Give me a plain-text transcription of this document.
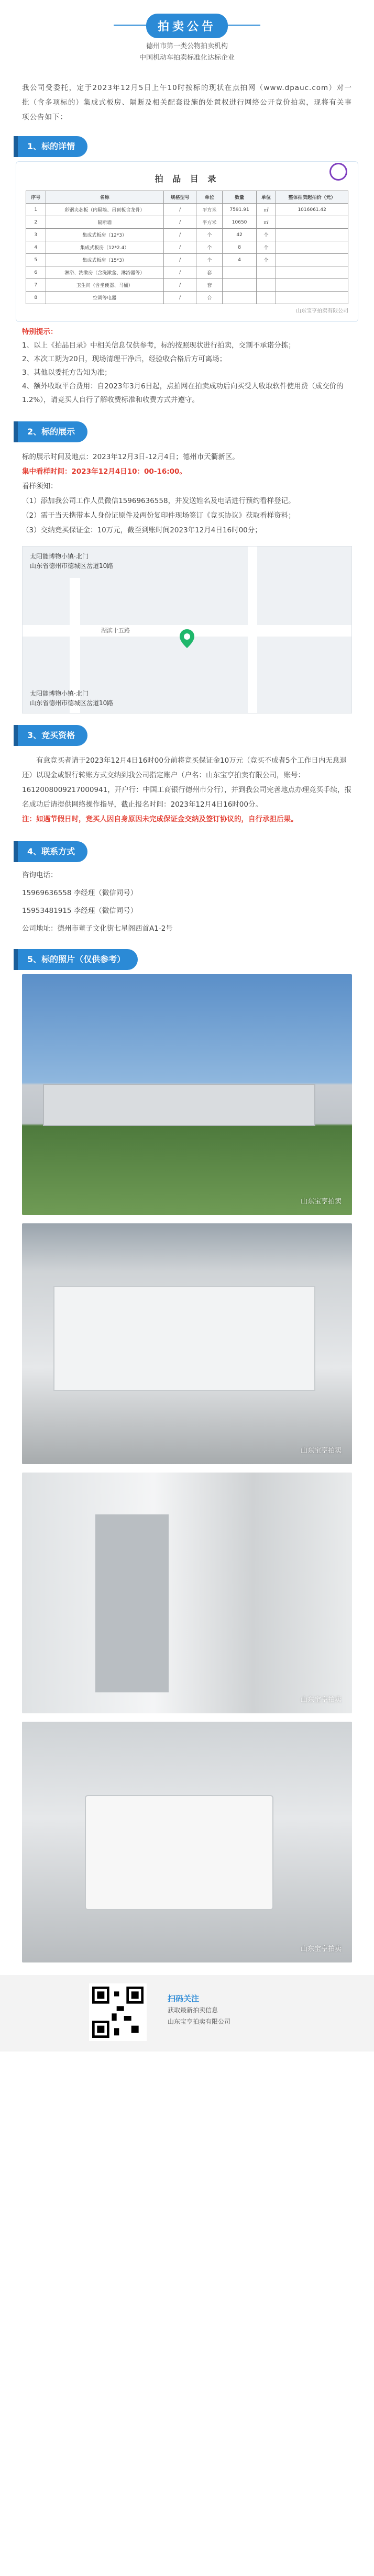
拍卖公告
德州市第一类公物拍卖机构
中国机动车拍卖标准化达标企业
我公司受委托，定于2023年12月5日上午10时按标的现状在点拍网（www.dpauc.com）对一批（含多项标的）集成式板房、隔断及相关配套设施的处置权进行网络公开竞价拍卖，现将有关事项公告如下：
1、标的详情
拍 品 目 录
序号	名称	规格型号	单位	数量	单位	整体拍卖起拍价（元）
1	彩钢夹芯板（内隔墙、吊顶板含龙骨）	/	平方米	7591.91	㎡	1016061.42
2	隔断墙	/	平方米	10650	㎡	
3	集成式板房（12*3）	/	个	42	个	
4	集成式板房（12*2.4）	/	个	8	个	
5	集成式板房（15*3）	/	个	4	个	
6	淋浴、洗漱房（含洗漱盆、淋浴器等）	/	套			
7	卫生间（含坐便器、马桶）	/	套			
8	空调等电器	/	台			
山东宝亨拍卖有限公司
特别提示：
1、以上《拍品目录》中相关信息仅供参考，标的按照现状进行拍卖，交割不承诺分拣；
2、本次工期为20日，现场清理干净后，经验收合格后方可离场；
3、其他以委托方告知为准；
4、额外收取平台费用：自2023年3月6日起，点拍网在拍卖成功后向买受人收取软件使用费（成交价的1.2%），请竞买人自行了解收费标准和收费方式并遵守。
2、标的展示
标的展示时间及地点：2023年12月3日-12月4日；德州市天衢新区。
集中看样时间：2023年12月4日10：00-16:00。
看样须知：
（1）添加我公司工作人员微信15969636558，并发送姓名及电话进行预约看样登记。
（2）需于当天携带本人身份证原件及两份复印件现场签订《竞买协议》获取看样资料；
（3）交纳竞买保证金：10万元，截至到账时间2023年12月4日16时00分；
太阳能博物小镇·北门
山东省德州市德城区岔道10路
湖滨十五路
太阳能博物小镇·北门
山东省德州市德城区岔道10路
3、竞买资格
有意竞买者请于2023年12月4日16时00分前将竞买保证金10万元（竞买不成者5个工作日内无息退还）以现金或银行转账方式交纳到我公司指定账户（户名：山东宝亨拍卖有限公司，账号：1612008009217000941，开户行：中国工商银行德州市分行），并到我公司完善地点办理竞买手续，报名成功后请提供网络操作指导，截止报名时间：2023年12月4日16时00分。
注：如遇节假日时，竞买人因自身原因未完成保证金交纳及签订协议的，自行承担后果。
4、联系方式
咨询电话：
15969636558 李经理（微信同号）
15953481915 李经理（微信同号）
公司地址：德州市董子文化街七星阁西首A1-2号
5、标的照片（仅供参考）
山东宝亨拍卖
山东宝亨拍卖
山东宝亨拍卖
山东宝亨拍卖
扫码关注
获取最新拍卖信息
山东宝亨拍卖有限公司
